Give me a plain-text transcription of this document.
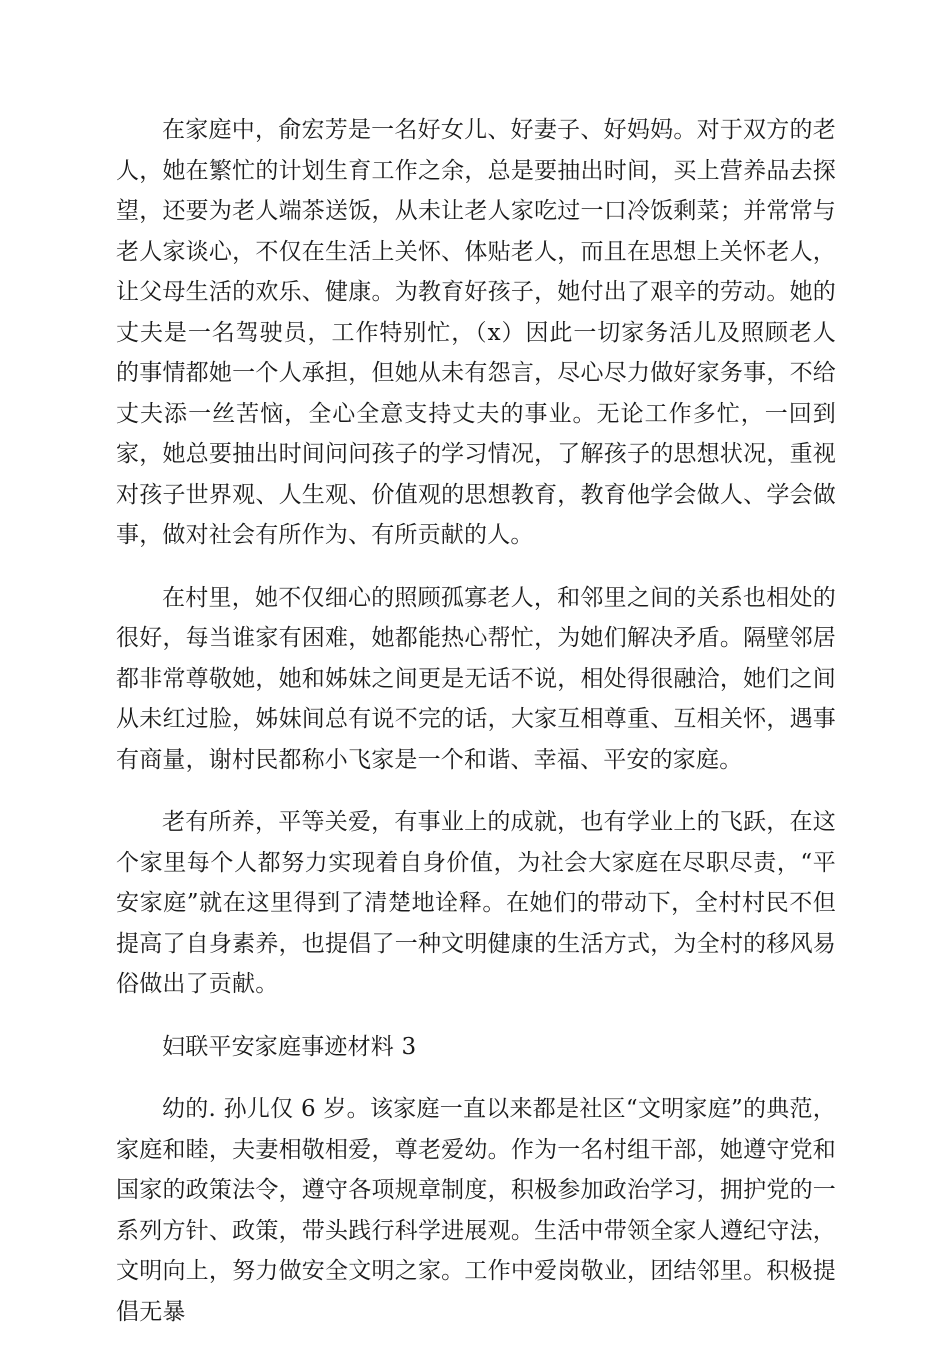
在家庭中，俞宏芳是一名好女儿、好妻子、好妈妈。对于双方的老人，她在繁忙的计划生育工作之余，总是要抽出时间，买上营养品去探望，还要为老人端茶送饭，从未让老人家吃过一口冷饭剩菜；并常常与老人家谈心，不仅在生活上关怀、体贴老人，而且在思想上关怀老人，让父母生活的欢乐、健康。为教育好孩子，她付出了艰辛的劳动。她的丈夫是一名驾驶员，工作特别忙，（x）因此一切家务活儿及照顾老人的事情都她一个人承担，但她从未有怨言，尽心尽力做好家务事，不给丈夫添一丝苦恼，全心全意支持丈夫的事业。无论工作多忙，一回到家，她总要抽出时间问问孩子的学习情况，了解孩子的思想状况，重视对孩子世界观、人生观、价值观的思想教育，教育他学会做人、学会做事，做对社会有所作为、有所贡献的人。

在村里，她不仅细心的照顾孤寡老人，和邻里之间的关系也相处的很好，每当谁家有困难，她都能热心帮忙，为她们解决矛盾。隔壁邻居都非常尊敬她，她和姊妹之间更是无话不说，相处得很融洽，她们之间从未红过脸，姊妹间总有说不完的话，大家互相尊重、互相关怀，遇事有商量，谢村民都称小飞家是一个和谐、幸福、平安的家庭。

老有所养，平等关爱，有事业上的成就，也有学业上的飞跃，在这个家里每个人都努力实现着自身价值，为社会大家庭在尽职尽责，“平安家庭”就在这里得到了清楚地诠释。在她们的带动下，全村村民不但提高了自身素养，也提倡了一种文明健康的生活方式，为全村的移风易俗做出了贡献。

妇联平安家庭事迹材料 3

幼的. 孙儿仅 6 岁。该家庭一直以来都是社区“文明家庭”的典范，家庭和睦，夫妻相敬相爱，尊老爱幼。作为一名村组干部，她遵守党和国家的政策法令，遵守各项规章制度，积极参加政治学习，拥护党的一系列方针、政策，带头践行科学进展观。生活中带领全家人遵纪守法，文明向上，努力做安全文明之家。工作中爱岗敬业，团结邻里。积极提倡无暴
